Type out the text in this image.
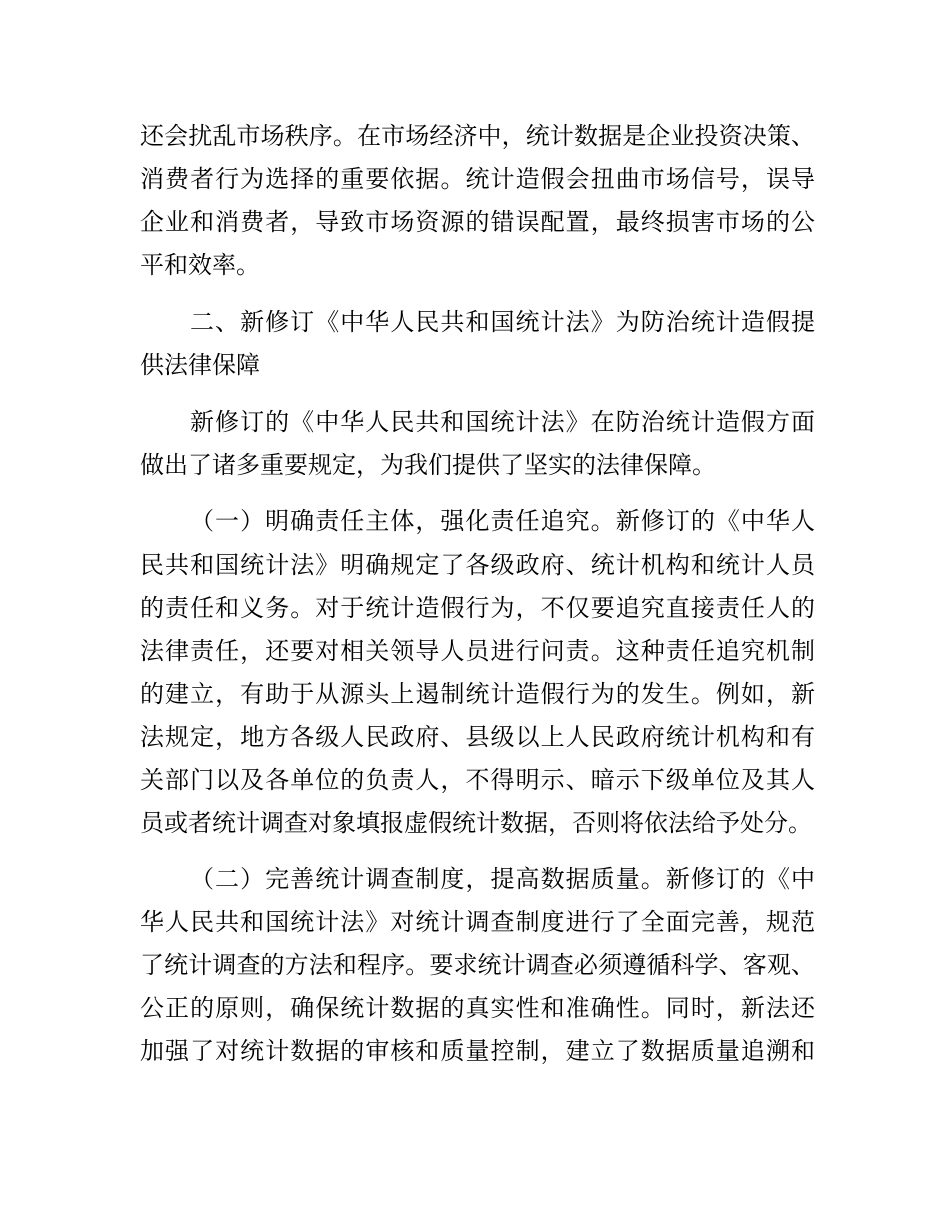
还会扰乱市场秩序。在市场经济中，统计数据是企业投资决策、
消费者行为选择的重要依据。统计造假会扭曲市场信号，误导
企业和消费者，导致市场资源的错误配置，最终损害市场的公
平和效率。
二、新修订《中华人民共和国统计法》为防治统计造假提
供法律保障
新修订的《中华人民共和国统计法》在防治统计造假方面
做出了诸多重要规定，为我们提供了坚实的法律保障。
（一）明确责任主体，强化责任追究。新修订的《中华人
民共和国统计法》明确规定了各级政府、统计机构和统计人员
的责任和义务。对于统计造假行为，不仅要追究直接责任人的
法律责任，还要对相关领导人员进行问责。这种责任追究机制
的建立，有助于从源头上遏制统计造假行为的发生。例如，新
法规定，地方各级人民政府、县级以上人民政府统计机构和有
关部门以及各单位的负责人，不得明示、暗示下级单位及其人
员或者统计调查对象填报虚假统计数据，否则将依法给予处分。
（二）完善统计调查制度，提高数据质量。新修订的《中
华人民共和国统计法》对统计调查制度进行了全面完善，规范
了统计调查的方法和程序。要求统计调查必须遵循科学、客观、
公正的原则，确保统计数据的真实性和准确性。同时，新法还
加强了对统计数据的审核和质量控制，建立了数据质量追溯和
